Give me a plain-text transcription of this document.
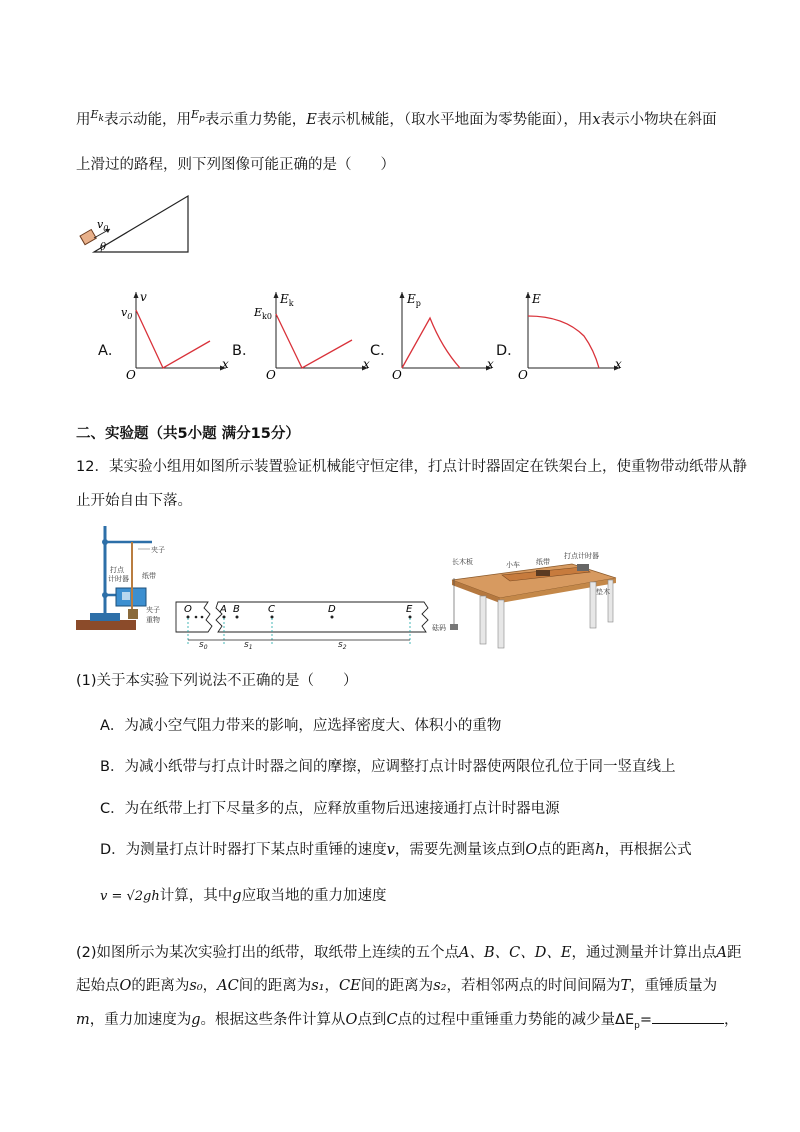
用$^{E_k}$表示动能，用$^{E_p}$表示重力势能，E表示机械能，（取水平地面为零势能面），用x表示小物块在斜面
上滑过的路程，则下列图像可能正确的是（　　）
$v_0$
θ
A．
v
$v_0$
O
x
B．
$E_k$
$E_{k0}$
O
x
C．
$E_p$
O
x
D．
E
O
x
二、实验题（共5小题 满分15分）
12．某实验小组用如图所示装置验证机械能守恒定律，打点计时器固定在铁架台上，使重物带动纸带从静
止开始自由下落。
夹子
打点
计时器 纸带
夹子
重物
O	A B	C	D	E
$s_0$	$s_1$	$s_2$
长木板	小车 纸带
打点计时器
垫木
砝码
(1)关于本实验下列说法不正确的是（　　）
A．为减小空气阻力带来的影响，应选择密度大、体积小的重物
B．为减小纸带与打点计时器之间的摩擦，应调整打点计时器使两限位孔位于同一竖直线上
C．为在纸带上打下尽量多的点，应释放重物后迅速接通打点计时器电源
D．为测量打点计时器打下某点时重锤的速度v，需要先测量该点到O点的距离h，再根据公式
v = √2gh计算，其中g应取当地的重力加速度
(2)如图所示为某次实验打出的纸带，取纸带上连续的五个点A、B、C、D、E，通过测量并计算出点A距
起始点O的距离为s₀，AC间的距离为s₁，CE间的距离为s₂，若相邻两点的时间间隔为T，重锤质量为
m，重力加速度为g。根据这些条件计算从O点到C点的过程中重锤重力势能的减少量$\Delta E_p=$	，
